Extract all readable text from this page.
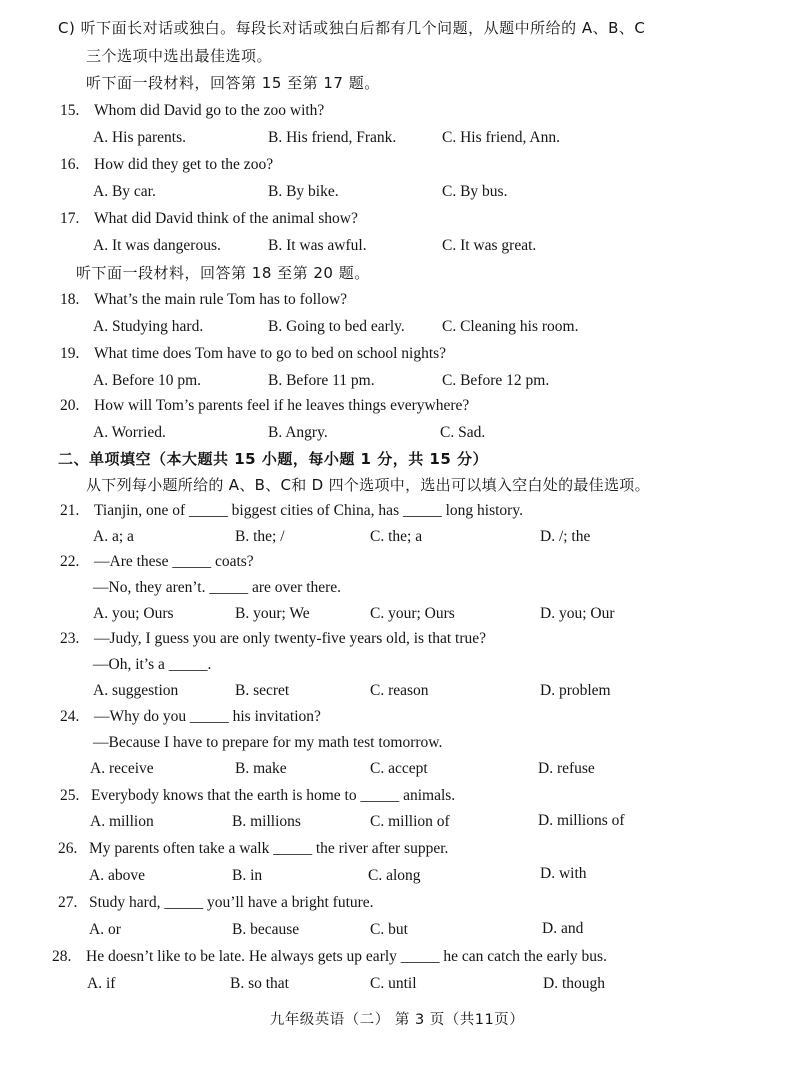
C) 听下面长对话或独白。每段长对话或独白后都有几个问题，从题中所给的 A、B、C
三个选项中选出最佳选项。
听下面一段材料，回答第 15 至第 17 题。
15. Whom did David go to the zoo with?
A. His parents.	B. His friend, Frank.	C. His friend, Ann.
16. How did they get to the zoo?
A. By car.	B. By bike.	C. By bus.
17. What did David think of the animal show?
A. It was dangerous.	B. It was awful.	C. It was great.
听下面一段材料，回答第 18 至第 20 题。
18. What’s the main rule Tom has to follow?
A. Studying hard.	B. Going to bed early. C. Cleaning his room.
19. What time does Tom have to go to bed on school nights?
A. Before 10 pm.	B. Before 11 pm.	C. Before 12 pm.
20. How will Tom’s parents feel if he leaves things everywhere?
A. Worried.	B. Angry.	C. Sad.
二、单项填空（本大题共 15 小题，每小题 1 分，共 15 分）
从下列每小题所给的 A、B、C和 D 四个选项中，选出可以填入空白处的最佳选项。
21. Tianjin, one of _____ biggest cities of China, has _____ long history.
A. a; a	B. the; /	C. the; a	D. /; the
22. —Are these _____ coats?
—No, they aren’t. _____ are over there.
A. you; Ours	B. your; We	C. your; Ours	D. you; Our
23. —Judy, I guess you are only twenty-five years old, is that true?
—Oh, it’s a _____.
A. suggestion	B. secret	C. reason	D. problem
24. —Why do you _____ his invitation?
—Because I have to prepare for my math test tomorrow.
A. receive	B. make	C. accept	D. refuse
25. Everybody knows that the earth is home to _____ animals.
A. million	B. millions	C. million of	D. millions of
26. My parents often take a walk _____ the river after supper.
A. above	B. in	C. along	D. with
27. Study hard, _____ you’ll have a bright future.
A. or	B. because	C. but	D. and
28. He doesn’t like to be late. He always gets up early _____ he can catch the early bus.
A. if	B. so that	C. until	D. though
九年级英语（二） 第 3 页（共11页）
